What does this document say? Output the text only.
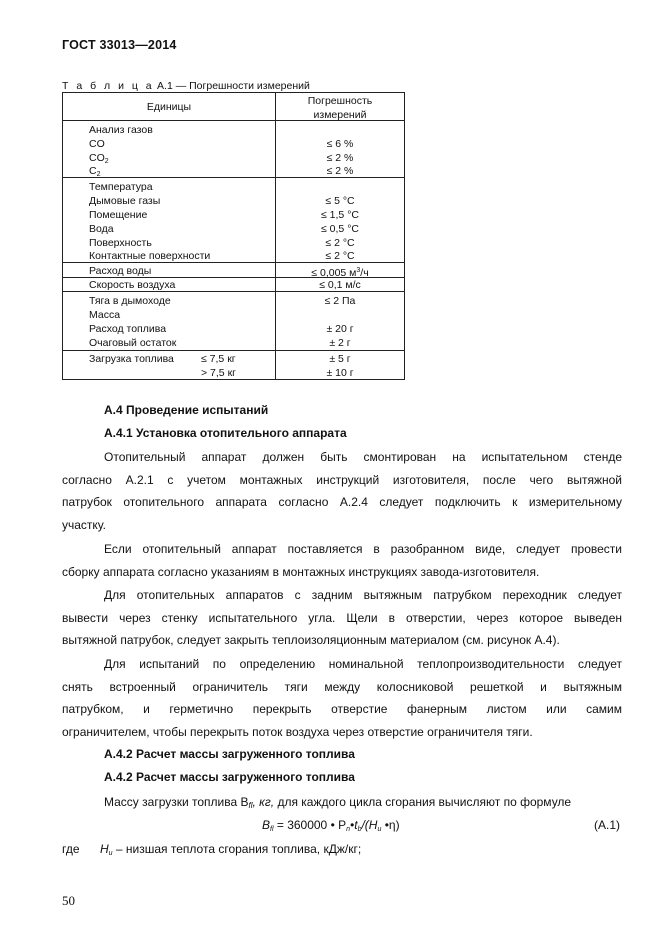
ГОСТ 33013—2014
Т а б л и ц а А.1 — Погрешности измерений
Единицы	Погрешность
измерений
Анализ газов
CO	≤ 6 %
$CO_2$	≤ 2 %
$C_2$	≤ 2 %
Температура
Дымовые газы	≤ 5 °C
Помещение	≤ 1,5 °C
Вода	≤ 0,5 °C
Поверхность	≤ 2 °C
Контактные поверхности	≤ 2 °C
Расход воды	≤ 0,005 $м^3/ч$
Скорость воздуха	≤ 0,1 м/с
Тяга в дымоходе	≤ 2 Па
Масса
Расход топлива	± 20 г
Очаговый остаток	± 2 г
Загрузка топлива	≤ 7,5 кг	± 5 г
> 7,5 кг	± 10 г
А.4 Проведение испытаний
А.4.1 Установка отопительного аппарата
Отопительный аппарат должен быть смонтирован на испытательном стенде
согласно А.2.1 с учетом монтажных инструкций изготовителя, после чего вытяжной
патрубок отопительного аппарата согласно А.2.4 следует подключить к измерительному
участку.
Если отопительный аппарат поставляется в разобранном виде, следует провести
сборку аппарата согласно указаниям в монтажных инструкциях завода-изготовителя.
Для отопительных аппаратов с задним вытяжным патрубком переходник следует
вывести через стенку испытательного угла. Щели в отверстии, через которое выведен
вытяжной патрубок, следует закрыть теплоизоляционным материалом (см. рисунок А.4).
Для испытаний по определению номинальной теплопроизводительности следует
снять встроенный ограничитель тяги между колосниковой решеткой и вытяжным
патрубком, и герметично перекрыть отверстие фанерным листом или самим
ограничителем, чтобы перекрыть поток воздуха через отверстие ограничителя тяги.
А.4.2 Расчет массы загруженного топлива
А.4.2 Расчет массы загруженного топлива
Массу загрузки топлива $B_{fl}$, кг, для каждого цикла сгорания вычисляют по формуле
$B_{fl} = 360000$ • $P_n•t_b/(H_u$ •η)	(A.1)
где $H_u$ – низшая теплота сгорания топлива, кДж/кг;
50
